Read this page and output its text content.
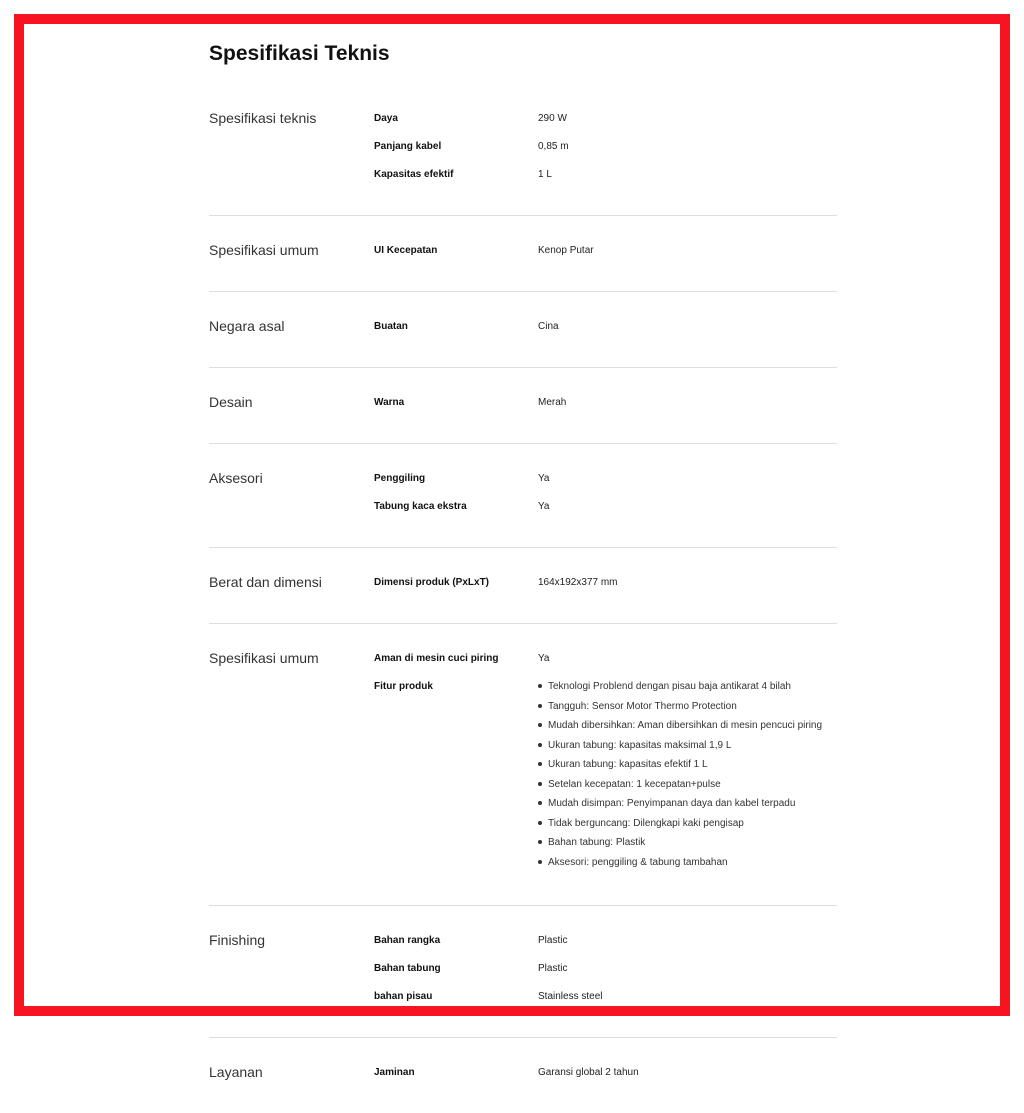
Spesifikasi Teknis
Spesifikasi teknis	Daya	290 W
Panjang kabel	0,85 m
Kapasitas efektif	1 L
Spesifikasi umum	UI Kecepatan	Kenop Putar
Negara asal	Buatan	Cina
Desain	Warna	Merah
Aksesori	Penggiling	Ya
Tabung kaca ekstra	Ya
Berat dan dimensi	Dimensi produk (PxLxT)	164x192x377 mm
Spesifikasi umum	Aman di mesin cuci piring	Ya
Fitur produk	Teknologi Problend dengan pisau baja antikarat 4 bilah
Tangguh: Sensor Motor Thermo Protection
Mudah dibersihkan: Aman dibersihkan di mesin pencuci piring
Ukuran tabung: kapasitas maksimal 1,9 L
Ukuran tabung: kapasitas efektif 1 L
Setelan kecepatan: 1 kecepatan+pulse
Mudah disimpan: Penyimpanan daya dan kabel terpadu
Tidak berguncang: Dilengkapi kaki pengisap
Bahan tabung: Plastik
Aksesori: penggiling & tabung tambahan
Finishing	Bahan rangka	Plastic
Bahan tabung	Plastic
bahan pisau	Stainless steel
Layanan	Jaminan	Garansi global 2 tahun
